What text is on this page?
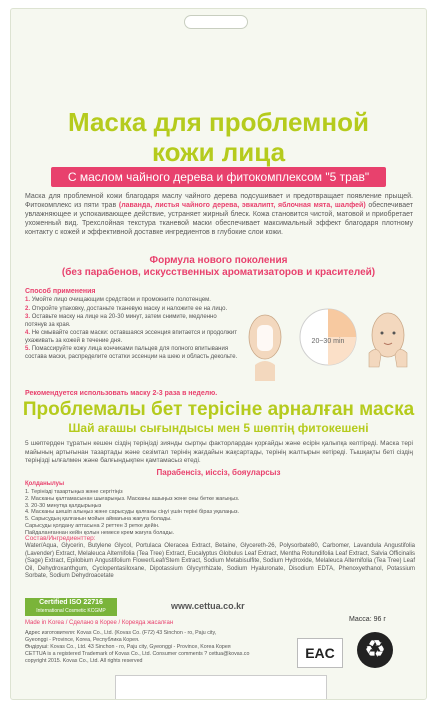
Маска для проблемной
кожи лица
С маслом чайного дерева и фитокомплексом "5 трав"
Маска для проблемной кожи благодаря маслу чайного дерева подсушивает и предотвращает появление прыщей. Фитокомплекс из пяти трав (лаванда, листья чайного дерева, эвкалипт, яблочная мята, шалфей) обеспечивает увлажняющее и успокаивающее действие, устраняет жирный блеск. Кожа становится чистой, матовой и приобретает ухоженный вид. Трехслойная текстура тканевой маски обеспечивает максимальный эффект благодаря плотному контакту с кожей и эффективной доставке ингредиентов в глубокие слои кожи.
Формула нового поколения
(без парабенов, искусственных ароматизаторов и красителей)
Способ применения
1. Умойте лицо очищающим средством и промокните полотенцем.
2. Откройте упаковку, достаньте тканевую маску и наложите ее на лицо.
3. Оставьте маску на лице на 20-30 минут, затем снимите, медленно потянув за края.
4. Не смывайте состав маски: оставшаяся эссенция впитается и продолжит ухаживать за кожей в течение дня.
5. Помассируйте кожу лица кончиками пальцев для полного впитывания состава маски, распределите остатки эссенции на шею и область декольте.
20~30 min
Рекомендуется использовать маску 2-3 раза в неделю.
Проблемалы бет терісіне арналған маска
Шай ағашы сығындысы мен 5 шөптің фитокешені
5 шөптерден тұратын кешен сіздің теріңізді зиянды сыртқы факторлардан қорғайды және есірін қалыпқа келтіреді. Маска тері майының артығынан тазартады және сезімтал терінің жағдайын жақсартады, терінің жалтырын кетіреді. Тышқақты беті сіздің теріңізді ылғалмен және балғындықпен қамтамасыз етеді.
Парабенсіз, иіссіз, бояуларсыз
Қолданылуы
1. Терінізді тазартыңыз және сергітіңіз
2. Масканы қалтамасынан шығарыңыз. Масканы ашыңыз және оны бетке жағыңыз.
3. 20-30 минутқа қалдырыңыз
4. Масканы шешіп алыңыз және сарысуды қалғаны сіңуі үшін теріні біраз уқалаңыз.
5. Сарысудың қалғанын мойын аймағына жағуға болады.
Сарысуды қолдану аптасына 2 реттен 3 ретке дейін.
Пайдаланғаннан кейін қолын немесе крем жағуға болады.
Состав/Ингредиенттер:
Water/Aqua, Glycerin, Butylene Glycol, Portulaca Oleracea Extract, Betaine, Glycereth-26, Polysorbate80, Carbomer, Lavandula Angustifolia (Lavender) Extract, Melaleuca Alternifolia (Tea Tree) Extract, Eucalyptus Globulus Leaf Extract, Mentha Rotundifolia Leaf Extract, Salvia Officinalis (Sage) Extract, Epilobium Angustifolium Flower/Leaf/Stem Extract, Sodium Metabisulfite, Sodium Hydroxide, Melaleuca Alternifolia (Tea Tree) Leaf Oil, Dehydroxanthgum, Cyclopentasiloxane, Dipotassium Glycyrrhizate, Sodium Hyaluronate, Disodium EDTA, Phenoxyethanol, Potassium Sorbate, Sodium Dehydroacetate
Certified ISO 22716
International Cosmetic KCGMP	www.cettua.co.kr
Made in Korea / Сделано в Корее / Кореяда жасалған	Масса: 96 г
Адрес изготовителя: Kovas Co., Ltd. (Kovas Co. (F72) 43 Sinchon - ro, Paju city,
Gyeonggi - Province, Korea, Республика Корея.
Өндіруші: Kovas Co., Ltd. 43 Sinchon - ro, Paju city, Gyeonggi - Province, Korea Корея
CETTUA is a registered Trademark of Kovas Co., Ltd. Consumer comments ? cettua@kovas.co
copyright 2015. Kovas Co., Ltd. All rights reserved	EAC	♻
